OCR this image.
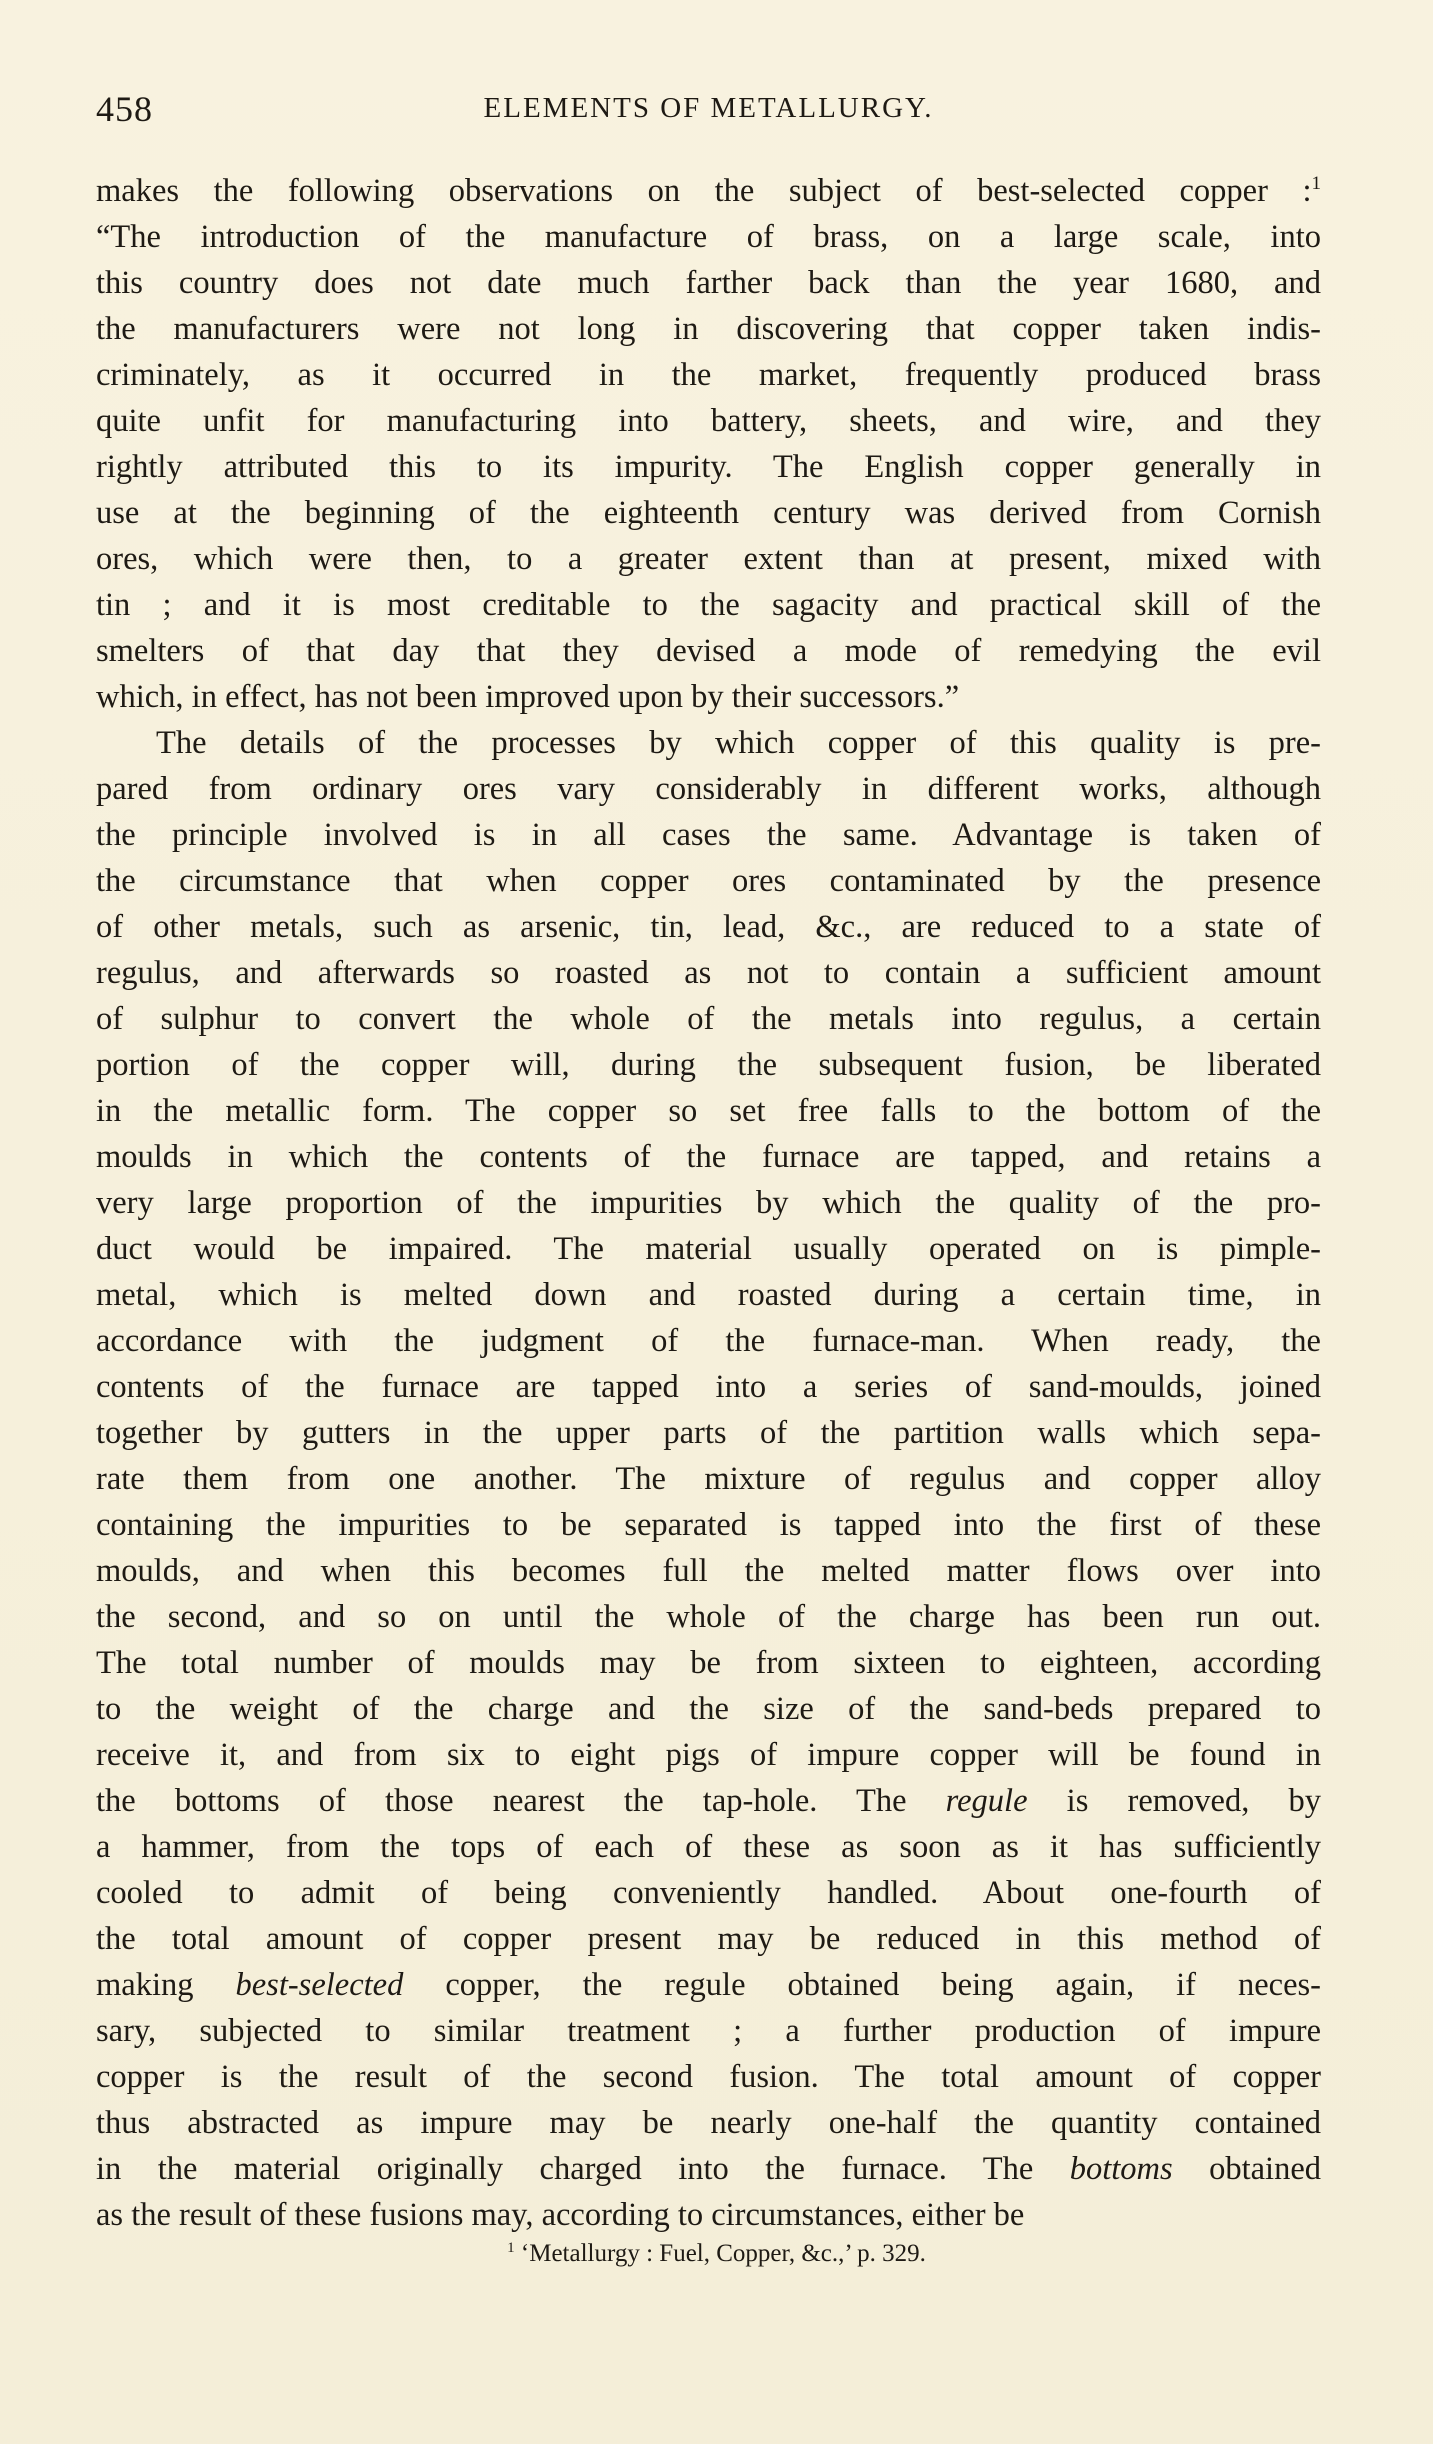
458	ELEMENTS OF METALLURGY.
makes the following observations on the subject of best-selected copper :$^1$
“The introduction of the manufacture of brass, on a large scale, into
this country does not date much farther back than the year 1680, and
the manufacturers were not long in discovering that copper taken indis-
criminately, as it occurred in the market, frequently produced brass
quite unfit for manufacturing into battery, sheets, and wire, and they
rightly attributed this to its impurity. The English copper generally in
use at the beginning of the eighteenth century was derived from Cornish
ores, which were then, to a greater extent than at present, mixed with
tin ; and it is most creditable to the sagacity and practical skill of the
smelters of that day that they devised a mode of remedying the evil
which, in effect, has not been improved upon by their successors.”
The details of the processes by which copper of this quality is pre-
pared from ordinary ores vary considerably in different works, although
the principle involved is in all cases the same. Advantage is taken of
the circumstance that when copper ores contaminated by the presence
of other metals, such as arsenic, tin, lead, &c., are reduced to a state of
regulus, and afterwards so roasted as not to contain a sufficient amount
of sulphur to convert the whole of the metals into regulus, a certain
portion of the copper will, during the subsequent fusion, be liberated
in the metallic form. The copper so set free falls to the bottom of the
moulds in which the contents of the furnace are tapped, and retains a
very large proportion of the impurities by which the quality of the pro-
duct would be impaired. The material usually operated on is pimple-
metal, which is melted down and roasted during a certain time, in
accordance with the judgment of the furnace-man. When ready, the
contents of the furnace are tapped into a series of sand-moulds, joined
together by gutters in the upper parts of the partition walls which sepa-
rate them from one another. The mixture of regulus and copper alloy
containing the impurities to be separated is tapped into the first of these
moulds, and when this becomes full the melted matter flows over into
the second, and so on until the whole of the charge has been run out.
The total number of moulds may be from sixteen to eighteen, according
to the weight of the charge and the size of the sand-beds prepared to
receive it, and from six to eight pigs of impure copper will be found in
the bottoms of those nearest the tap-hole. The regule is removed, by
a hammer, from the tops of each of these as soon as it has sufficiently
cooled to admit of being conveniently handled. About one-fourth of
the total amount of copper present may be reduced in this method of
making best-selected copper, the regule obtained being again, if neces-
sary, subjected to similar treatment ; a further production of impure
copper is the result of the second fusion. The total amount of copper
thus abstracted as impure may be nearly one-half the quantity contained
in the material originally charged into the furnace. The bottoms obtained
as the result of these fusions may, according to circumstances, either be
$^1$ ‘Metallurgy : Fuel, Copper, &c.,’ p. 329.
